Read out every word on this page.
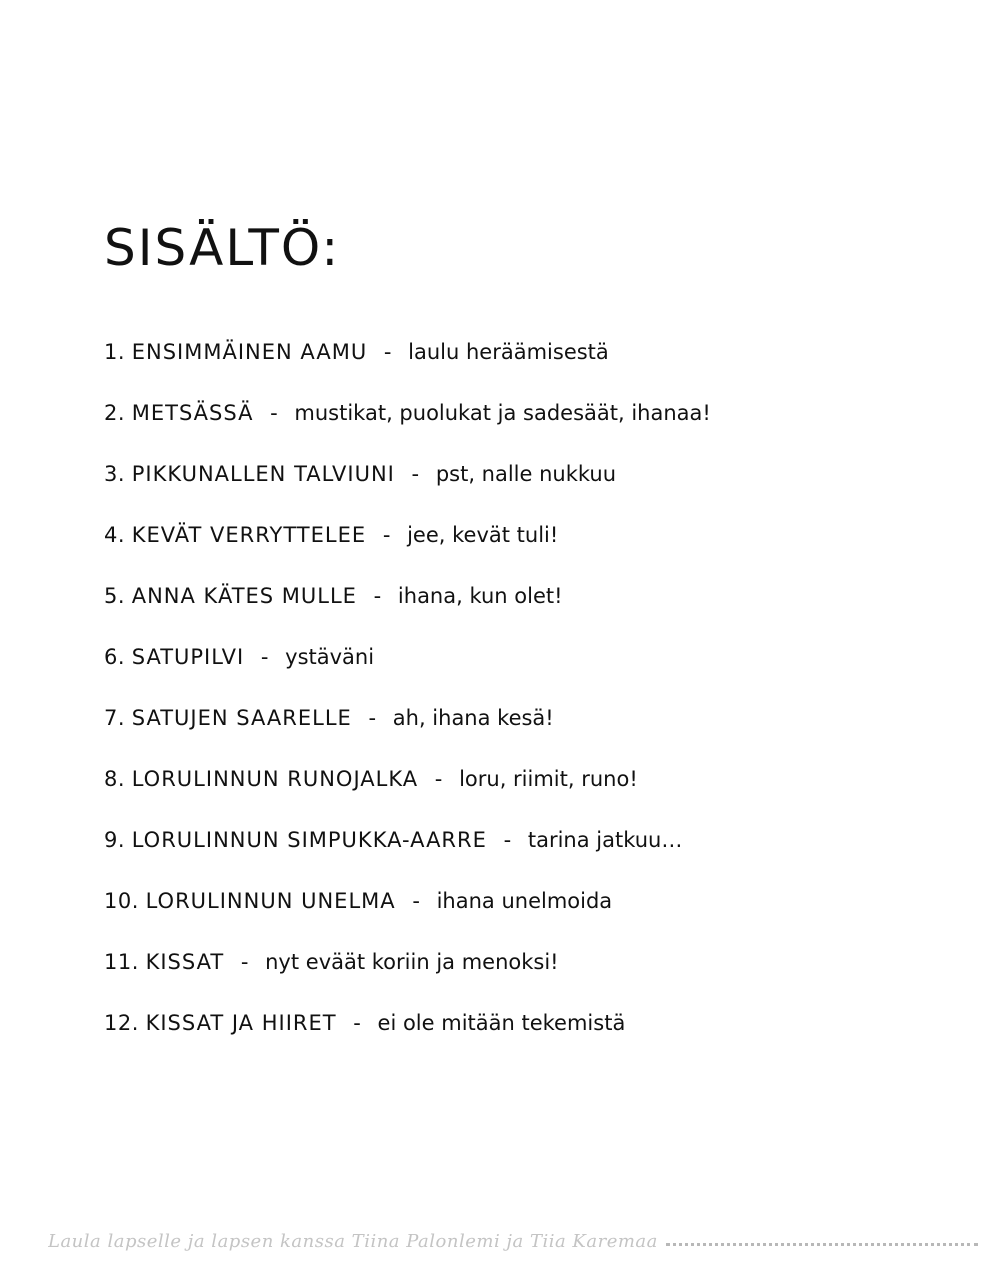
SISÄLTÖ:
1. ENSIMMÄINEN AAMU - laulu heräämisestä
2. METSÄSSÄ - mustikat, puolukat ja sadesäät, ihanaa!
3. PIKKUNALLEN TALVIUNI - pst, nalle nukkuu
4. KEVÄT VERRYTTELEE - jee, kevät tuli!
5. ANNA KÄTES MULLE - ihana, kun olet!
6. SATUPILVI - ystäväni
7. SATUJEN SAARELLE - ah, ihana kesä!
8. LORULINNUN RUNOJALKA - loru, riimit, runo!
9. LORULINNUN SIMPUKKA-AARRE - tarina jatkuu…
10. LORULINNUN UNELMA - ihana unelmoida
11. KISSAT - nyt eväät koriin ja menoksi!
12. KISSAT JA HIIRET - ei ole mitään tekemistä
Laula lapselle ja lapsen kanssa Tiina Palonlemi ja Tiia Karemaa
